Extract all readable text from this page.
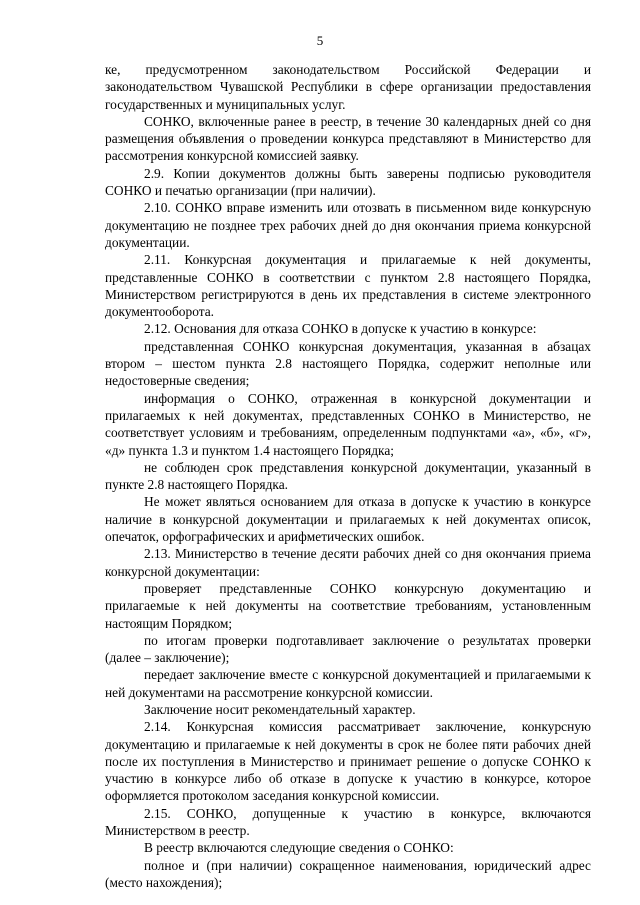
5

ке, предусмотренном законодательством Российской Федерации и законодательством Чувашской Республики в сфере организации предоставления государственных и муниципальных услуг.

СОНКО, включенные ранее в реестр, в течение 30 календарных дней со дня размещения объявления о проведении конкурса представляют в Министерство для рассмотрения конкурсной комиссией заявку.

2.9. Копии документов должны быть заверены подписью руководителя СОНКО и печатью организации (при наличии).

2.10. СОНКО вправе изменить или отозвать в письменном виде конкурсную документацию не позднее трех рабочих дней до дня окончания приема конкурсной документации.

2.11. Конкурсная документация и прилагаемые к ней документы, представленные СОНКО в соответствии с пунктом 2.8 настоящего Порядка, Министерством регистрируются в день их представления в системе электронного документооборота.

2.12. Основания для отказа СОНКО в допуске к участию в конкурсе:

представленная СОНКО конкурсная документация, указанная в абзацах втором – шестом пункта 2.8 настоящего Порядка, содержит неполные или недостоверные сведения;

информация о СОНКО, отраженная в конкурсной документации и прилагаемых к ней документах, представленных СОНКО в Министерство, не соответствует условиям и требованиям, определенным подпунктами «а», «б», «г», «д» пункта 1.3 и пунктом 1.4 настоящего Порядка;

не соблюден срок представления конкурсной документации, указанный в пункте 2.8 настоящего Порядка.

Не может являться основанием для отказа в допуске к участию в конкурсе наличие в конкурсной документации и прилагаемых к ней документах описок, опечаток, орфографических и арифметических ошибок.

2.13. Министерство в течение десяти рабочих дней со дня окончания приема конкурсной документации:

проверяет представленные СОНКО конкурсную документацию и прилагаемые к ней документы на соответствие требованиям, установленным настоящим Порядком;

по итогам проверки подготавливает заключение о результатах проверки (далее – заключение);

передает заключение вместе с конкурсной документацией и прилагаемыми к ней документами на рассмотрение конкурсной комиссии.

Заключение носит рекомендательный характер.

2.14. Конкурсная комиссия рассматривает заключение, конкурсную документацию и прилагаемые к ней документы в срок не более пяти рабочих дней после их поступления в Министерство и принимает решение о допуске СОНКО к участию в конкурсе либо об отказе в допуске к участию в конкурсе, которое оформляется протоколом заседания конкурсной комиссии.

2.15. СОНКО, допущенные к участию в конкурсе, включаются Министерством в реестр.

В реестр включаются следующие сведения о СОНКО:

полное и (при наличии) сокращенное наименования, юридический адрес (место нахождения);
